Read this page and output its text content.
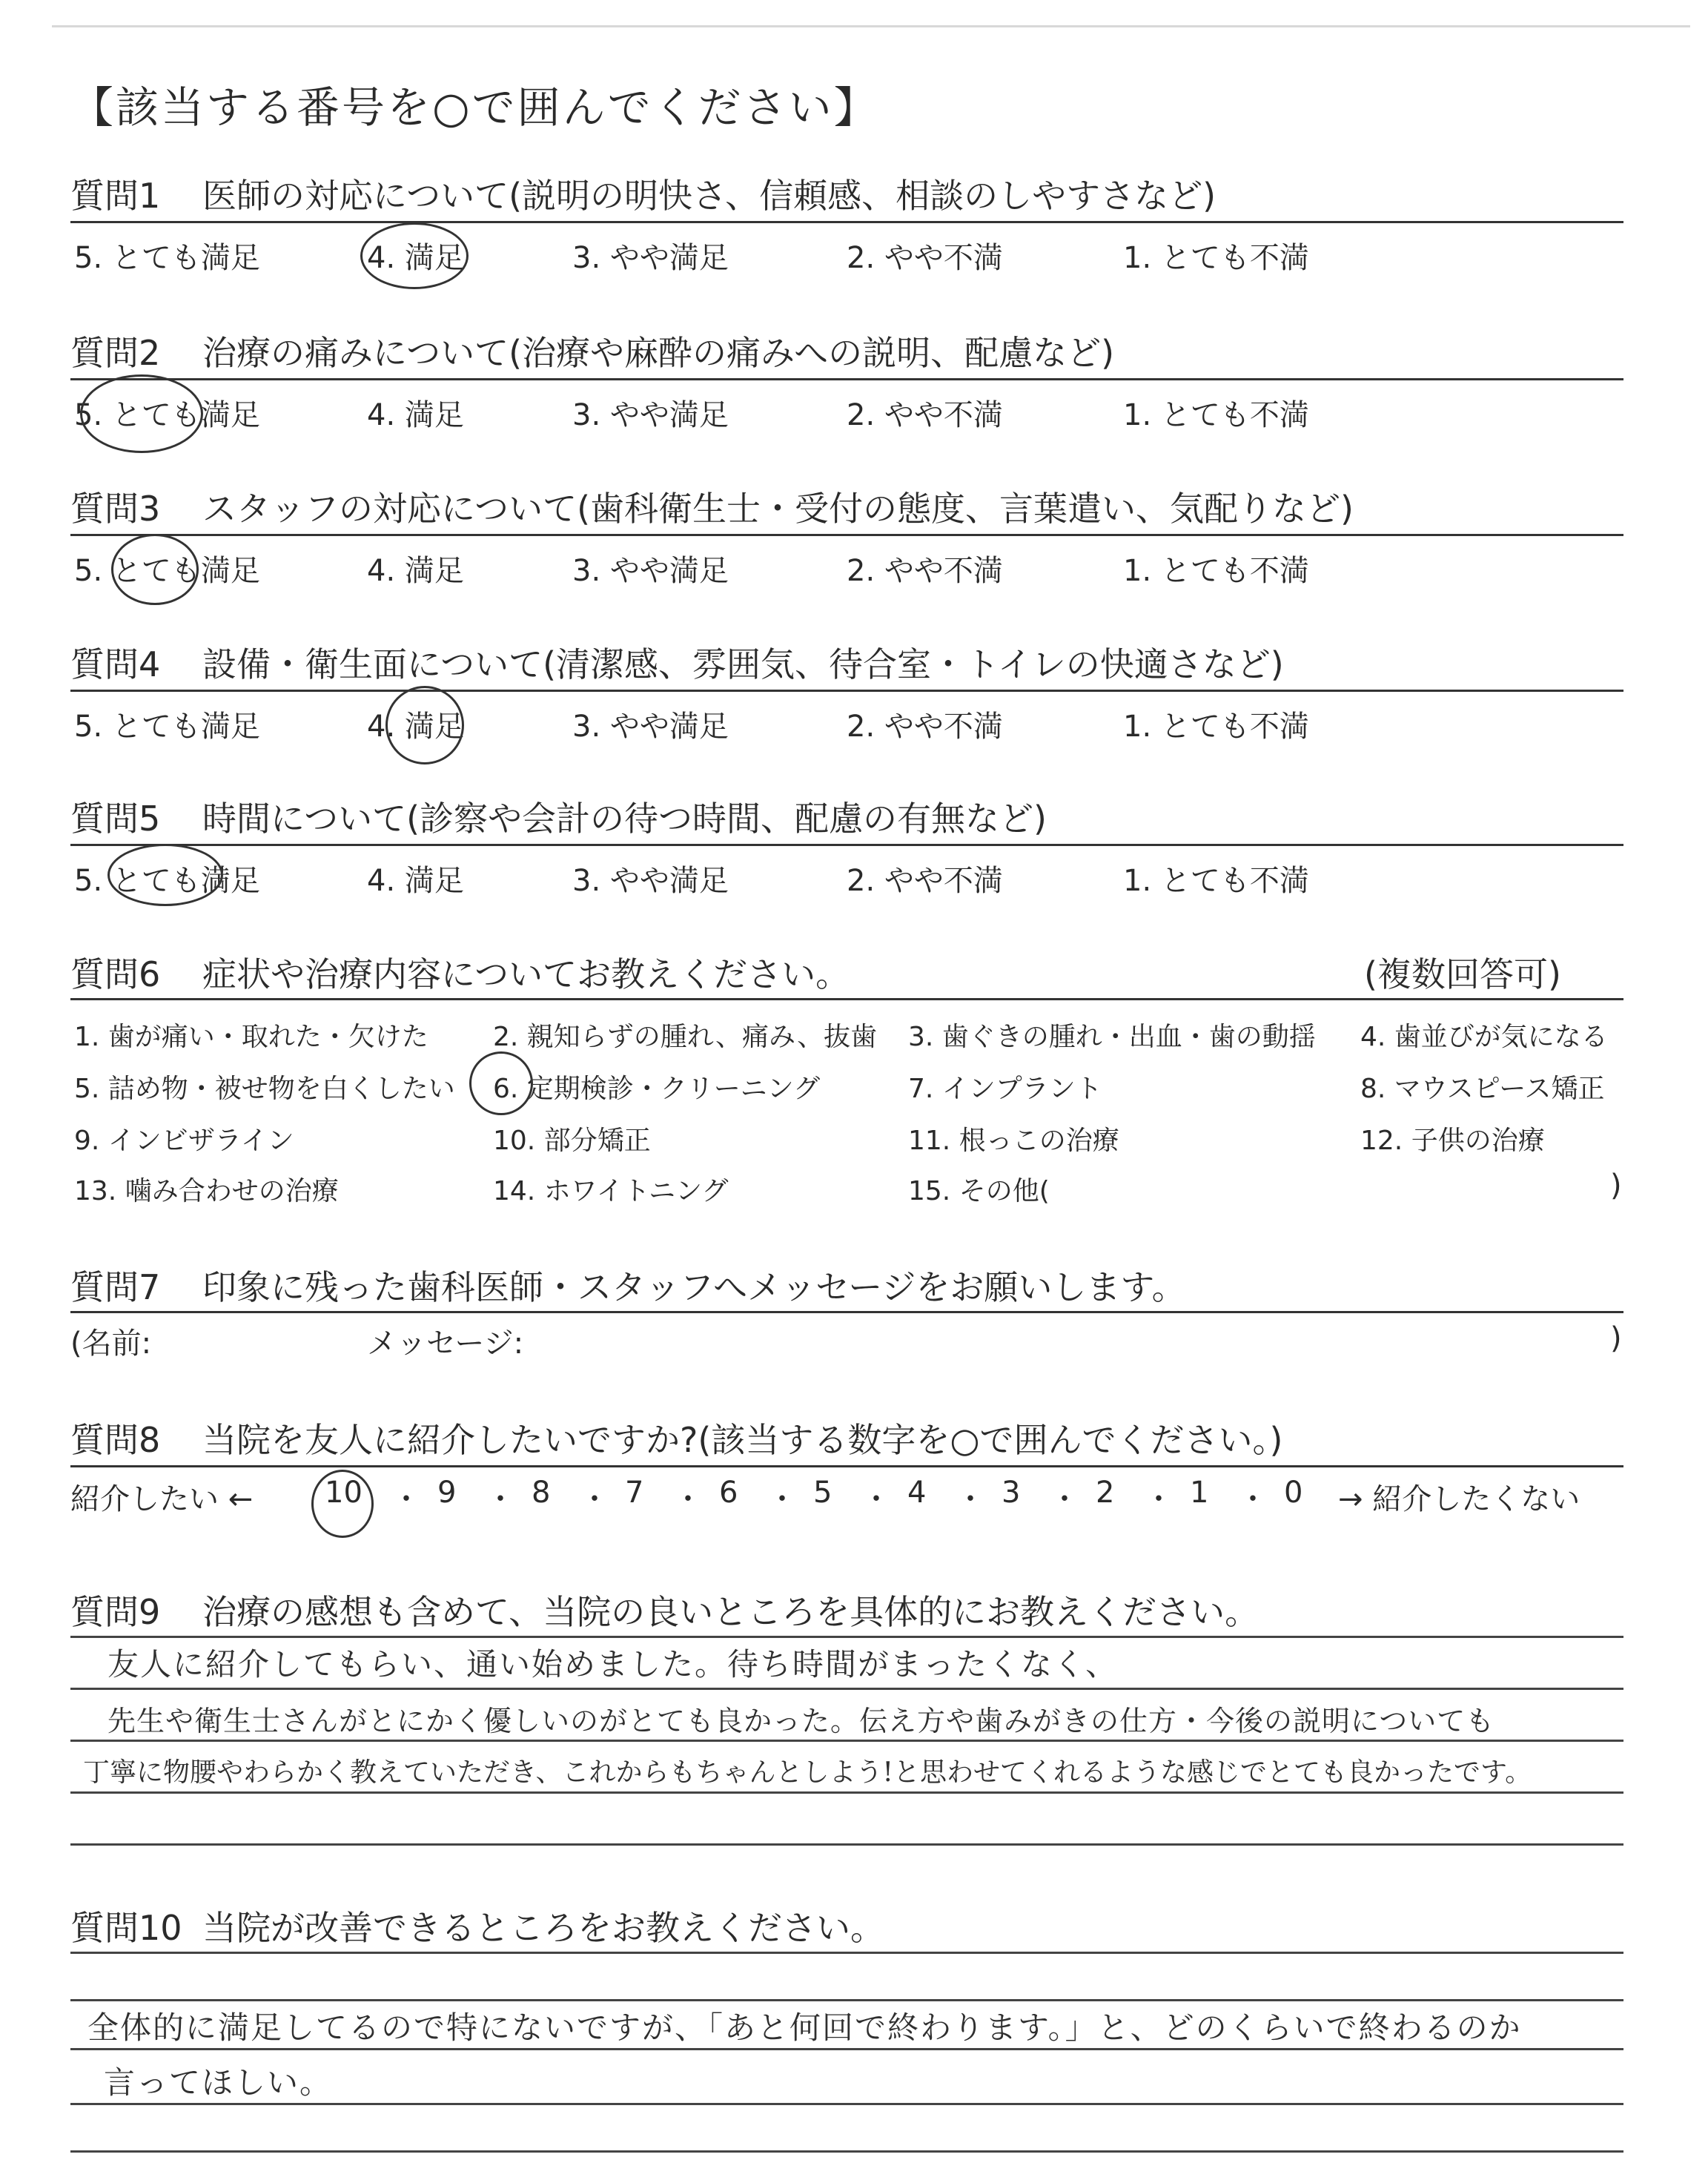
【該当する番号を○で囲んでください】
質問1 医師の対応について(説明の明快さ、信頼感、相談のしやすさなど)
5. とても満足	4. 満足	3. やや満足	2. やや不満	1. とても不満
質問2 治療の痛みについて(治療や麻酔の痛みへの説明、配慮など)
5. とても満足	4. 満足	3. やや満足	2. やや不満	1. とても不満
質問3 スタッフの対応について(歯科衛生士・受付の態度、言葉遣い、気配りなど)
5. とても満足	4. 満足	3. やや満足	2. やや不満	1. とても不満
質問4 設備・衛生面について(清潔感、雰囲気、待合室・トイレの快適さなど)
5. とても満足	4. 満足	3. やや満足	2. やや不満	1. とても不満
質問5 時間について(診察や会計の待つ時間、配慮の有無など)
5. とても満足	4. 満足	3. やや満足	2. やや不満	1. とても不満
質問6 症状や治療内容についてお教えください。	(複数回答可)
1. 歯が痛い・取れた・欠けた 2. 親知らずの腫れ、痛み、抜歯 3. 歯ぐきの腫れ・出血・歯の動揺 4. 歯並びが気になる
5. 詰め物・被せ物を白くしたい 6. 定期検診・クリーニング	7. インプラント	8. マウスピース矯正
9. インビザライン	10. 部分矯正	11. 根っこの治療	12. 子供の治療
13. 噛み合わせの治療	14. ホワイトニング	15. その他(	)
質問7 印象に残った歯科医師・スタッフへメッセージをお願いします。
(名前:	メッセージ:	)
質問8 当院を友人に紹介したいですか?(該当する数字を○で囲んでください。)
紹介したい ← 10 ・ 9 ・ 8 ・ 7 ・ 6 ・ 5 ・ 4 ・ 3 ・ 2 ・ 1 ・ 0 → 紹介したくない
質問9 治療の感想も含めて、当院の良いところを具体的にお教えください。
友人に紹介してもらい、通い始めました。待ち時間がまったくなく、
先生や衛生士さんがとにかく優しいのがとても良かった。伝え方や歯みがきの仕方・今後の説明についても
丁寧に物腰やわらかく教えていただき、これからもちゃんとしよう!と思わせてくれるような感じでとても良かったです。
質問10 当院が改善できるところをお教えください。
全体的に満足してるので特にないですが、「あと何回で終わります。」と、どのくらいで終わるのか
言ってほしい。
